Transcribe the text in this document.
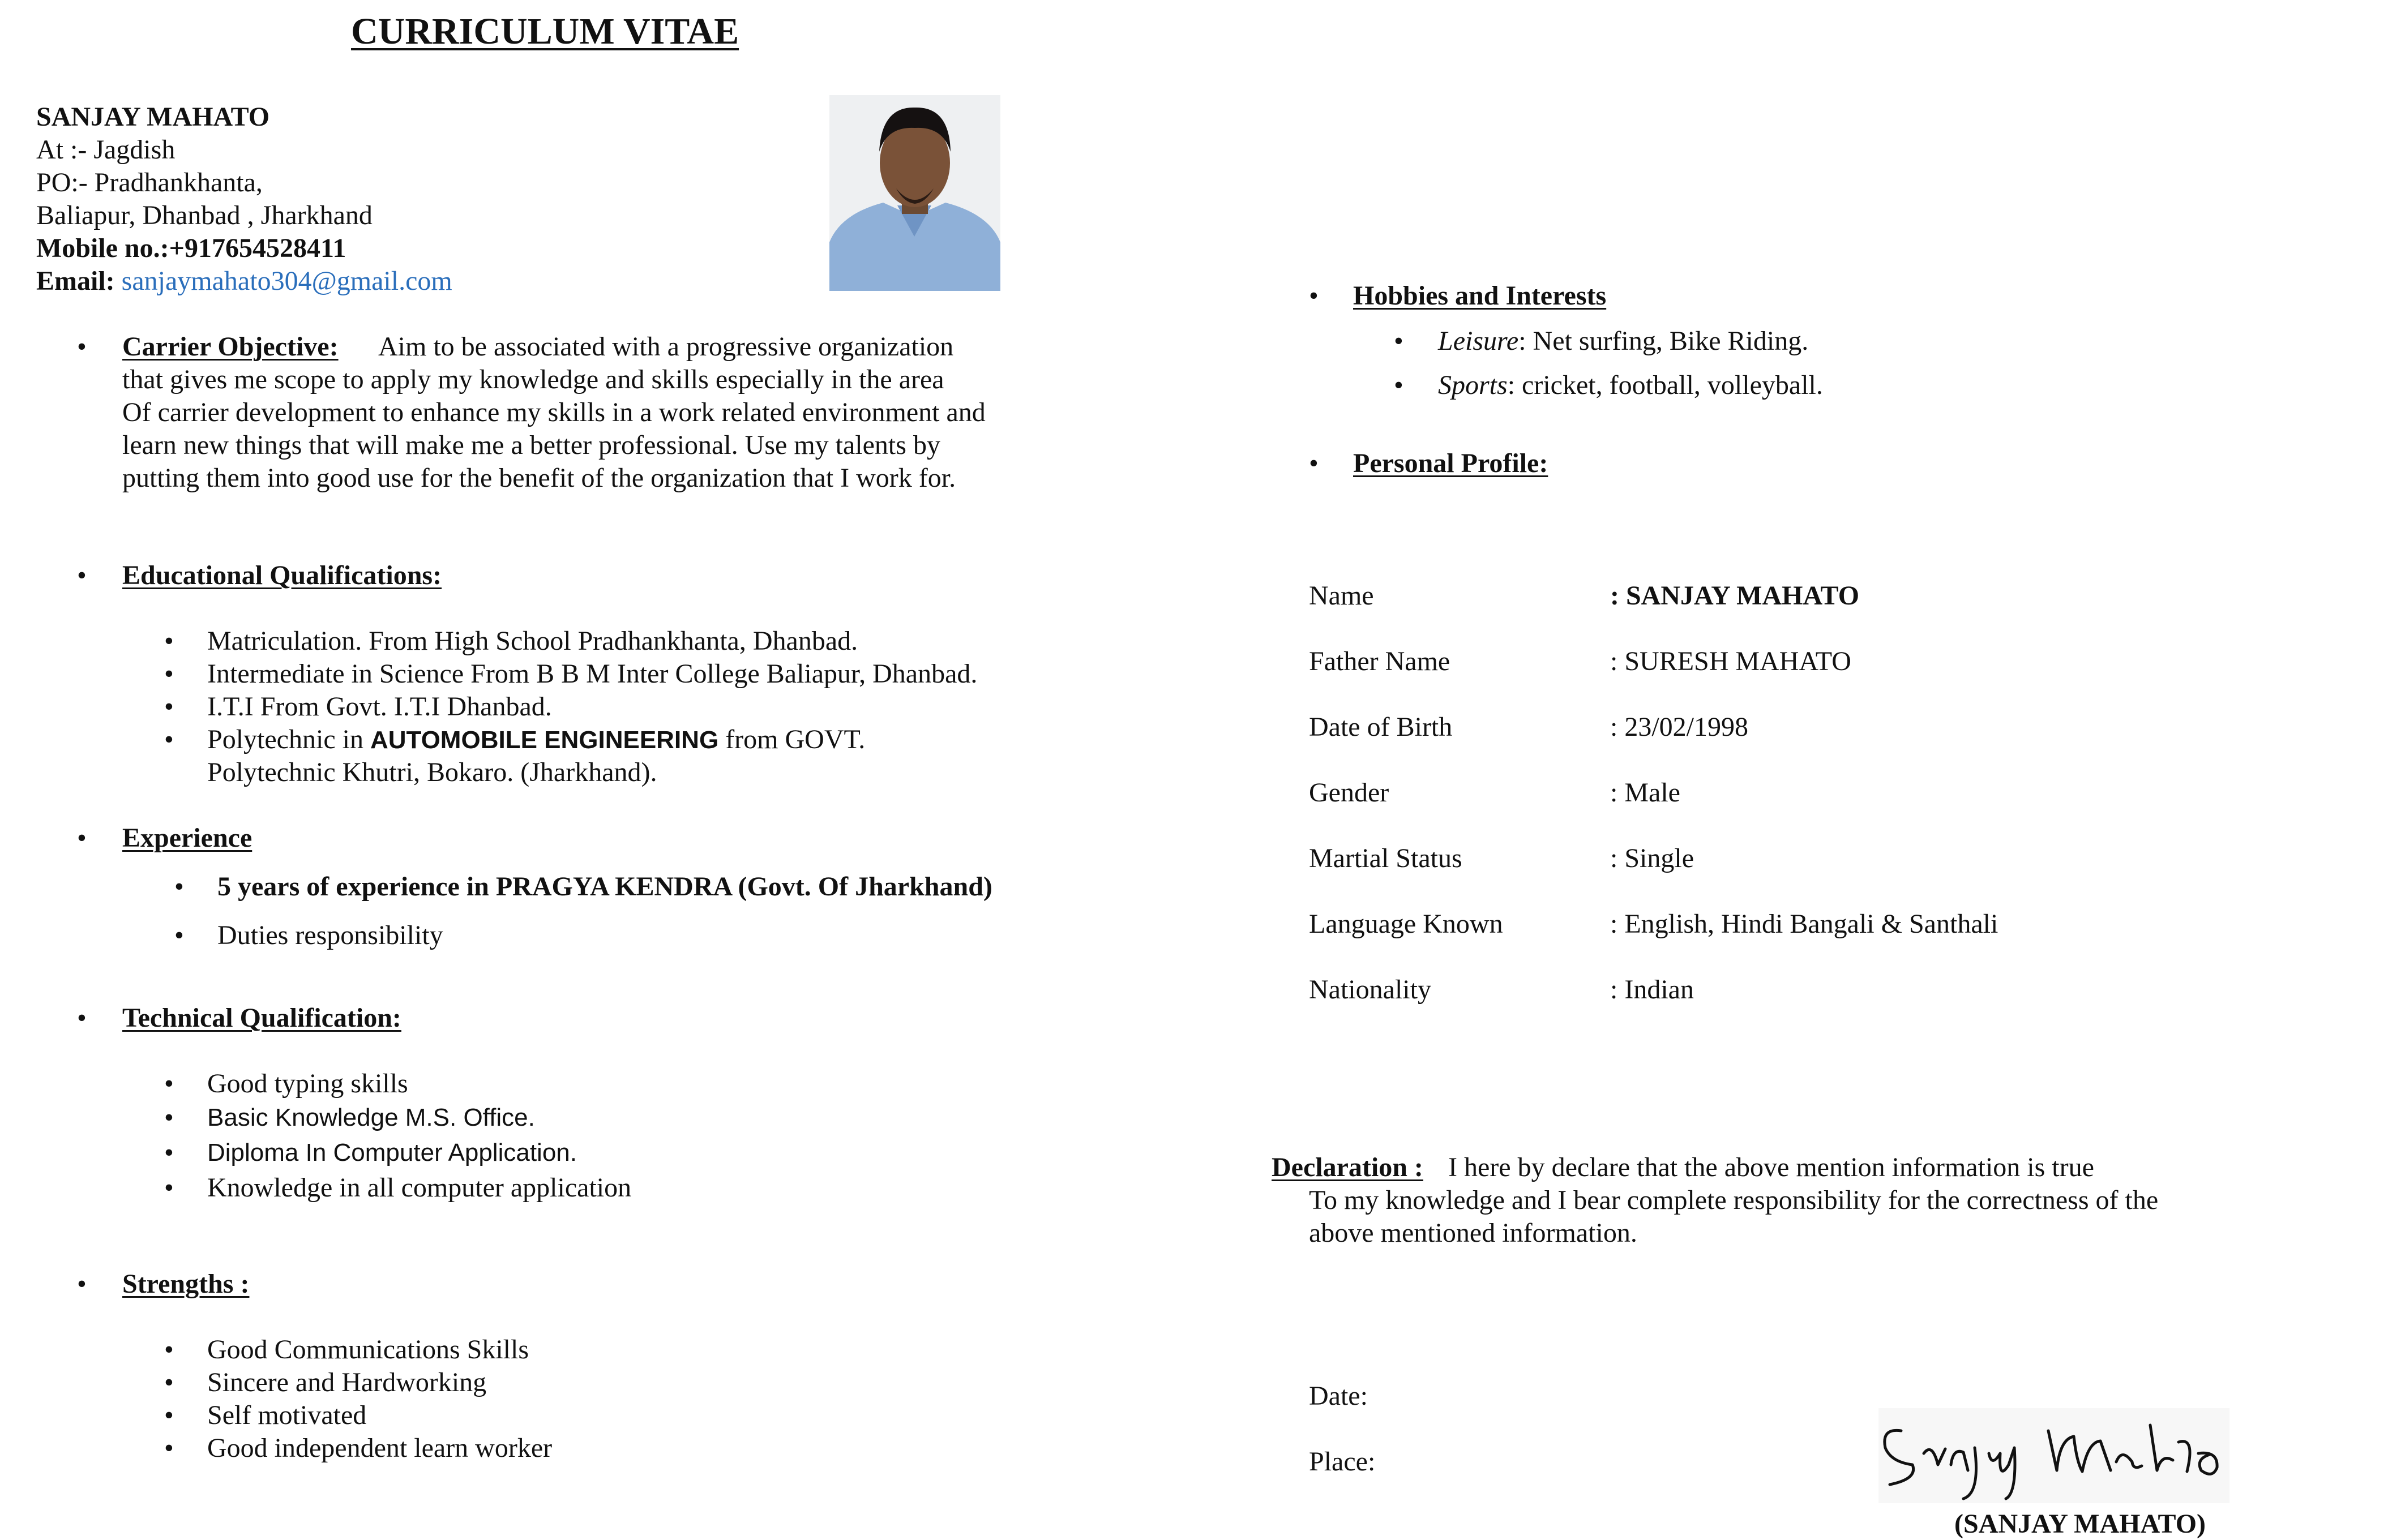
CURRICULUM VITAE
SANJAY MAHATO
At :- Jagdish
PO:- Pradhankhanta,
Baliapur, Dhanbad , Jharkhand
Mobile no.:+917654528411
Email: sanjaymahato304@gmail.com
• Carrier Objective: Aim to be associated with a progressive organization
that gives me scope to apply my knowledge and skills especially in the area
Of carrier development to enhance my skills in a work related environment and
learn new things that will make me a better professional. Use my talents by
putting them into good use for the benefit of the organization that I work for.
• Educational Qualifications:
• Matriculation. From High School Pradhankhanta, Dhanbad.
• Intermediate in Science From B B M Inter College Baliapur, Dhanbad.
• I.T.I From Govt. I.T.I Dhanbad.
• Polytechnic in AUTOMOBILE ENGINEERING from GOVT.
Polytechnic Khutri, Bokaro. (Jharkhand).
• Experience
• 5 years of experience in PRAGYA KENDRA (Govt. Of Jharkhand)
• Duties responsibility
• Technical Qualification:
• Good typing skills
• Basic Knowledge M.S. Office.
• Diploma In Computer Application.
• Knowledge in all computer application
• Strengths :
• Good Communications Skills
• Sincere and Hardworking
• Self motivated
• Good independent learn worker
• Hobbies and Interests
• Leisure: Net surfing, Bike Riding.
• Sports: cricket, football, volleyball.
• Personal Profile:
Name	: SANJAY MAHATO
Father Name	: SURESH MAHATO
Date of Birth	: 23/02/1998
Gender	: Male
Martial Status	: Single
Language Known	: English, Hindi Bangali & Santhali
Nationality	: Indian
Declaration : I here by declare that the above mention information is true
To my knowledge and I bear complete responsibility for the correctness of the
above mentioned information.
Date:
Place:
(SANJAY MAHATO)
